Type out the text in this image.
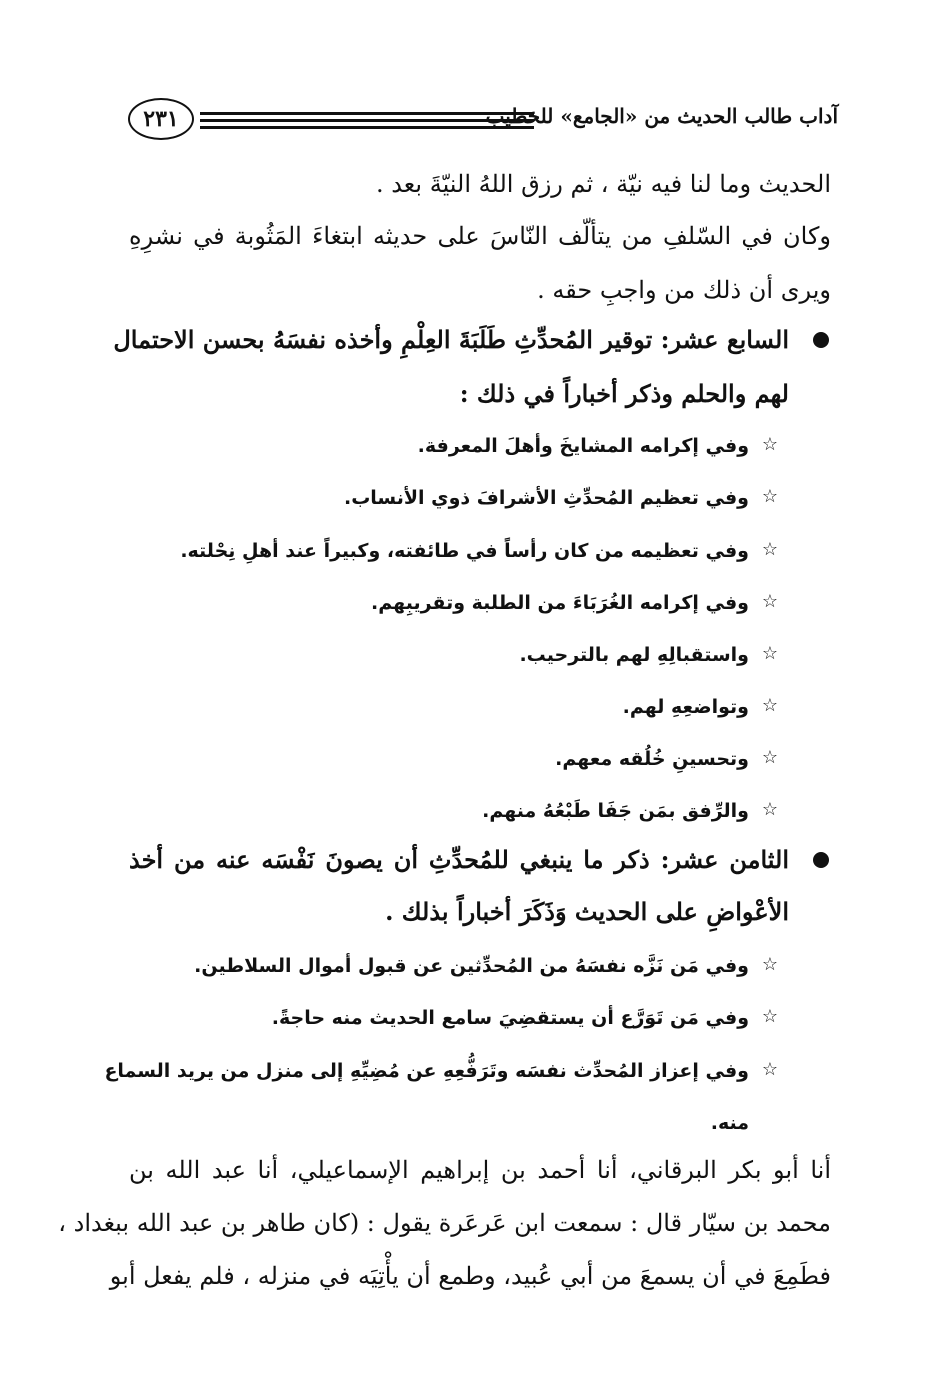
٢٣١	آداب طالب الحديث من «الجامع» للخطيب
الحديث وما لنا فيه نيّة ، ثم رزق اللهُ النيّةَ بعد .
وكان في السّلفِ من يتألّف النّاسَ على حديثه ابتغاءَ المَثُوبة في نشرِهِ
ويرى أن ذلك من واجبِ حقه .
السابع عشر: توقير المُحدِّثِ طَلَبَةَ العِلْمِ وأخذه نفسَهُ بحسن الاحتمال
لهم والحلم وذكر أخباراً في ذلك :
☆
وفي إكرامه المشايخَ وأهلَ المعرفة.
☆
وفي تعظيم المُحدِّثِ الأشرافَ ذوي الأنساب.
☆
وفي تعظيمه من كان رأساً في طائفته، وكبيراً عند أهلِ نِحْلته.
☆
وفي إكرامه الغُرَبَاءَ من الطلبة وتقريبِهم.
☆
واستقبالِهِ لهم بالترحيب.
☆
وتواضعِهِ لهم.
☆
وتحسينِ خُلُقه معهم.
☆
والرِّفق بمَن جَفَا طَبْعُهُ منهم.
الثامن عشر: ذكر ما ينبغي للمُحدِّثِ أن يصونَ نَفْسَه عنه من أخذ
الأعْواضِ على الحديث وَذَكَرَ أخباراً بذلك .
☆
وفي مَن نَزَّه نفسَهُ من المُحدِّثين عن قبول أموال السلاطين.
☆
وفي مَن تَوَرَّع أن يستقضِيَ سامع الحديث منه حاجةً.
☆
وفي إعزاز المُحدِّث نفسَه وتَرَفُّعِهِ عن مُضِيِّهِ إلى منزل من يريد السماع
منه.
أنا أبو بكر البرقاني، أنا أحمد بن إبراهيم الإسماعيلي، أنا عبد الله بن
محمد بن سيّار قال : سمعت ابن عَرعَرة يقول : (كان طاهر بن عبد الله ببغداد ،
فطَمِعَ في أن يسمعَ من أبي عُبيد، وطمع أن يأْتِيَه في منزله ، فلم يفعل أبو
